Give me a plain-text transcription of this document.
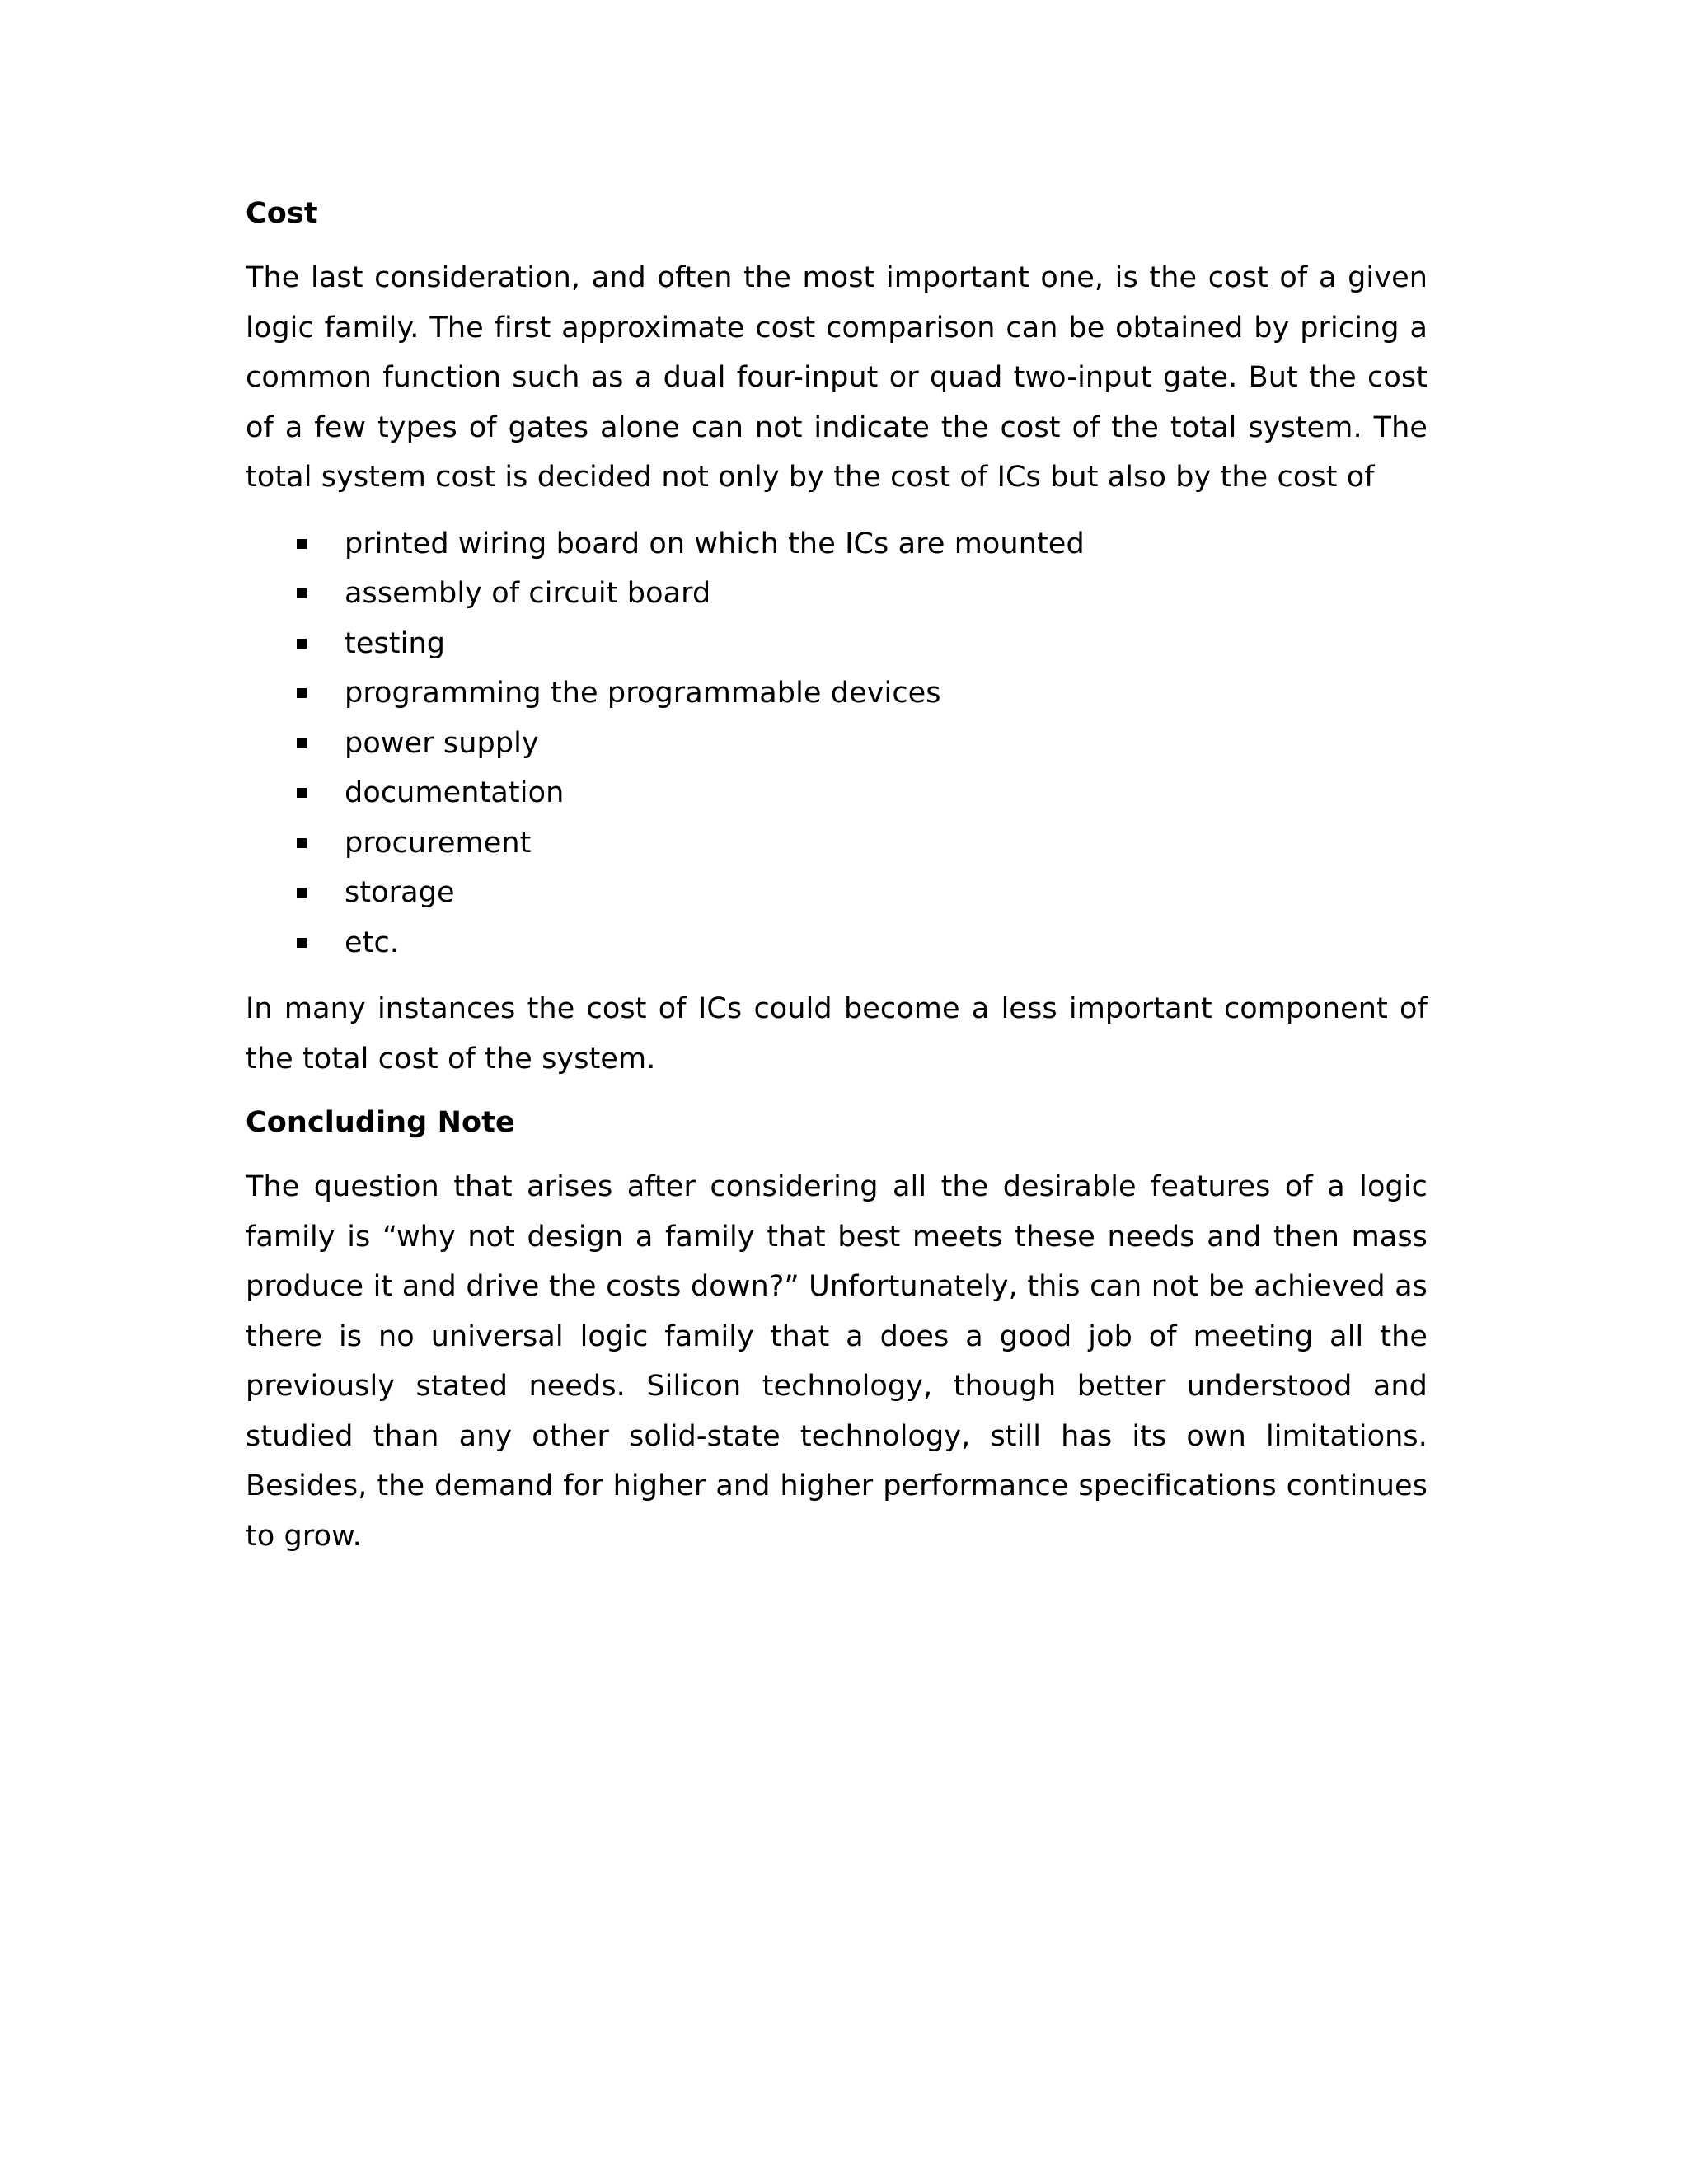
Cost

The last consideration, and often the most important one, is the cost of a given logic family. The first approximate cost comparison can be obtained by pricing a common function such as a dual four-input or quad two-input gate. But the cost of a few types of gates alone can not indicate the cost of the total system. The total system cost is decided not only by the cost of ICs but also by the cost of

printed wiring board on which the ICs are mounted
assembly of circuit board
testing
programming the programmable devices
power supply
documentation
procurement
storage
etc.

In many instances the cost of ICs could become a less important component of the total cost of the system.

Concluding Note

The question that arises after considering all the desirable features of a logic family is “why not design a family that best meets these needs and then mass produce it and drive the costs down?” Unfortunately, this can not be achieved as there is no universal logic family that a does a good job of meeting all the previously stated needs. Silicon technology, though better understood and studied than any other solid-state technology, still has its own limitations. Besides, the demand for higher and higher performance specifications continues to grow.
